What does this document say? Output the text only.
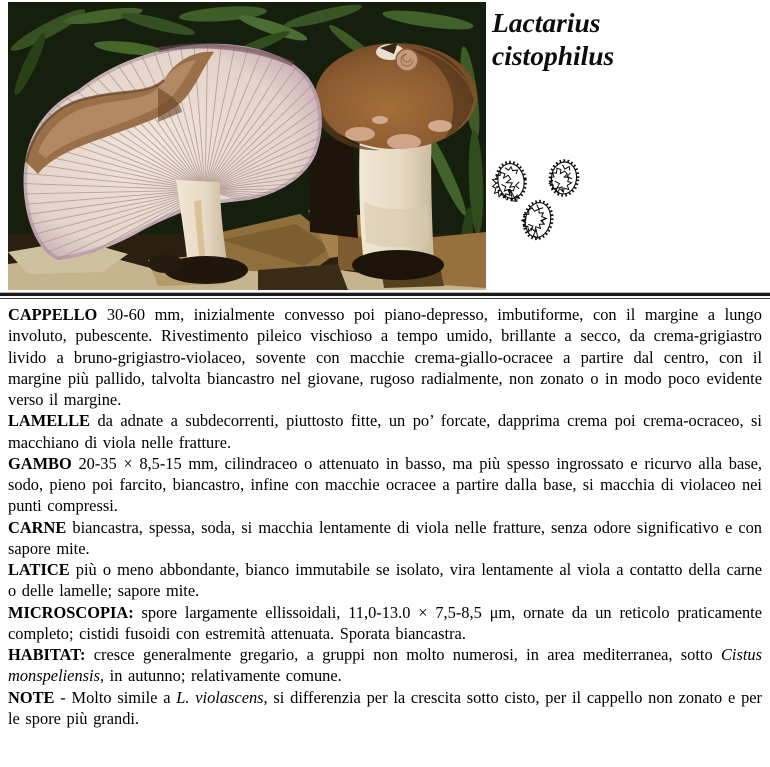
Lactarius
cistophilus

CAPPELLO 30-60 mm, inizialmente convesso poi piano-depresso, imbutiforme, con il margine a lungo involuto, pubescente. Rivestimento pileico vischioso a tempo umido, brillante a secco, da crema-grigiastro livido a bruno-grigiastro-violaceo, sovente con macchie crema-giallo-ocracee a partire dal centro, con il margine più pallido, talvolta biancastro nel giovane, rugoso radialmente, non zonato o in modo poco evidente verso il margine.

LAMELLE da adnate a subdecorrenti, piuttosto fitte, un po’ forcate, dapprima crema poi crema-ocraceo, si macchiano di viola nelle fratture.

GAMBO 20-35 × 8,5-15 mm, cilindraceo o attenuato in basso, ma più spesso ingrossato e ricurvo alla base, sodo, pieno poi farcito, biancastro, infine con macchie ocracee a partire dalla base, si macchia di violaceo nei punti compressi.

CARNE biancastra, spessa, soda, si macchia lentamente di viola nelle fratture, senza odore significativo e con sapore mite.

LATICE più o meno abbondante, bianco immutabile se isolato, vira lentamente al viola a contatto della carne o delle lamelle; sapore mite.

MICROSCOPIA: spore largamente ellissoidali, 11,0-13.0 × 7,5-8,5 μm, ornate da un reticolo praticamente completo; cistidi fusoidi con estremità attenuata. Sporata biancastra.

HABITAT: cresce generalmente gregario, a gruppi non molto numerosi, in area mediterranea, sotto Cistus monspeliensis, in autunno; relativamente comune.

NOTE - Molto simile a L. violascens, si differenzia per la crescita sotto cisto, per il cappello non zonato e per le spore più grandi.
